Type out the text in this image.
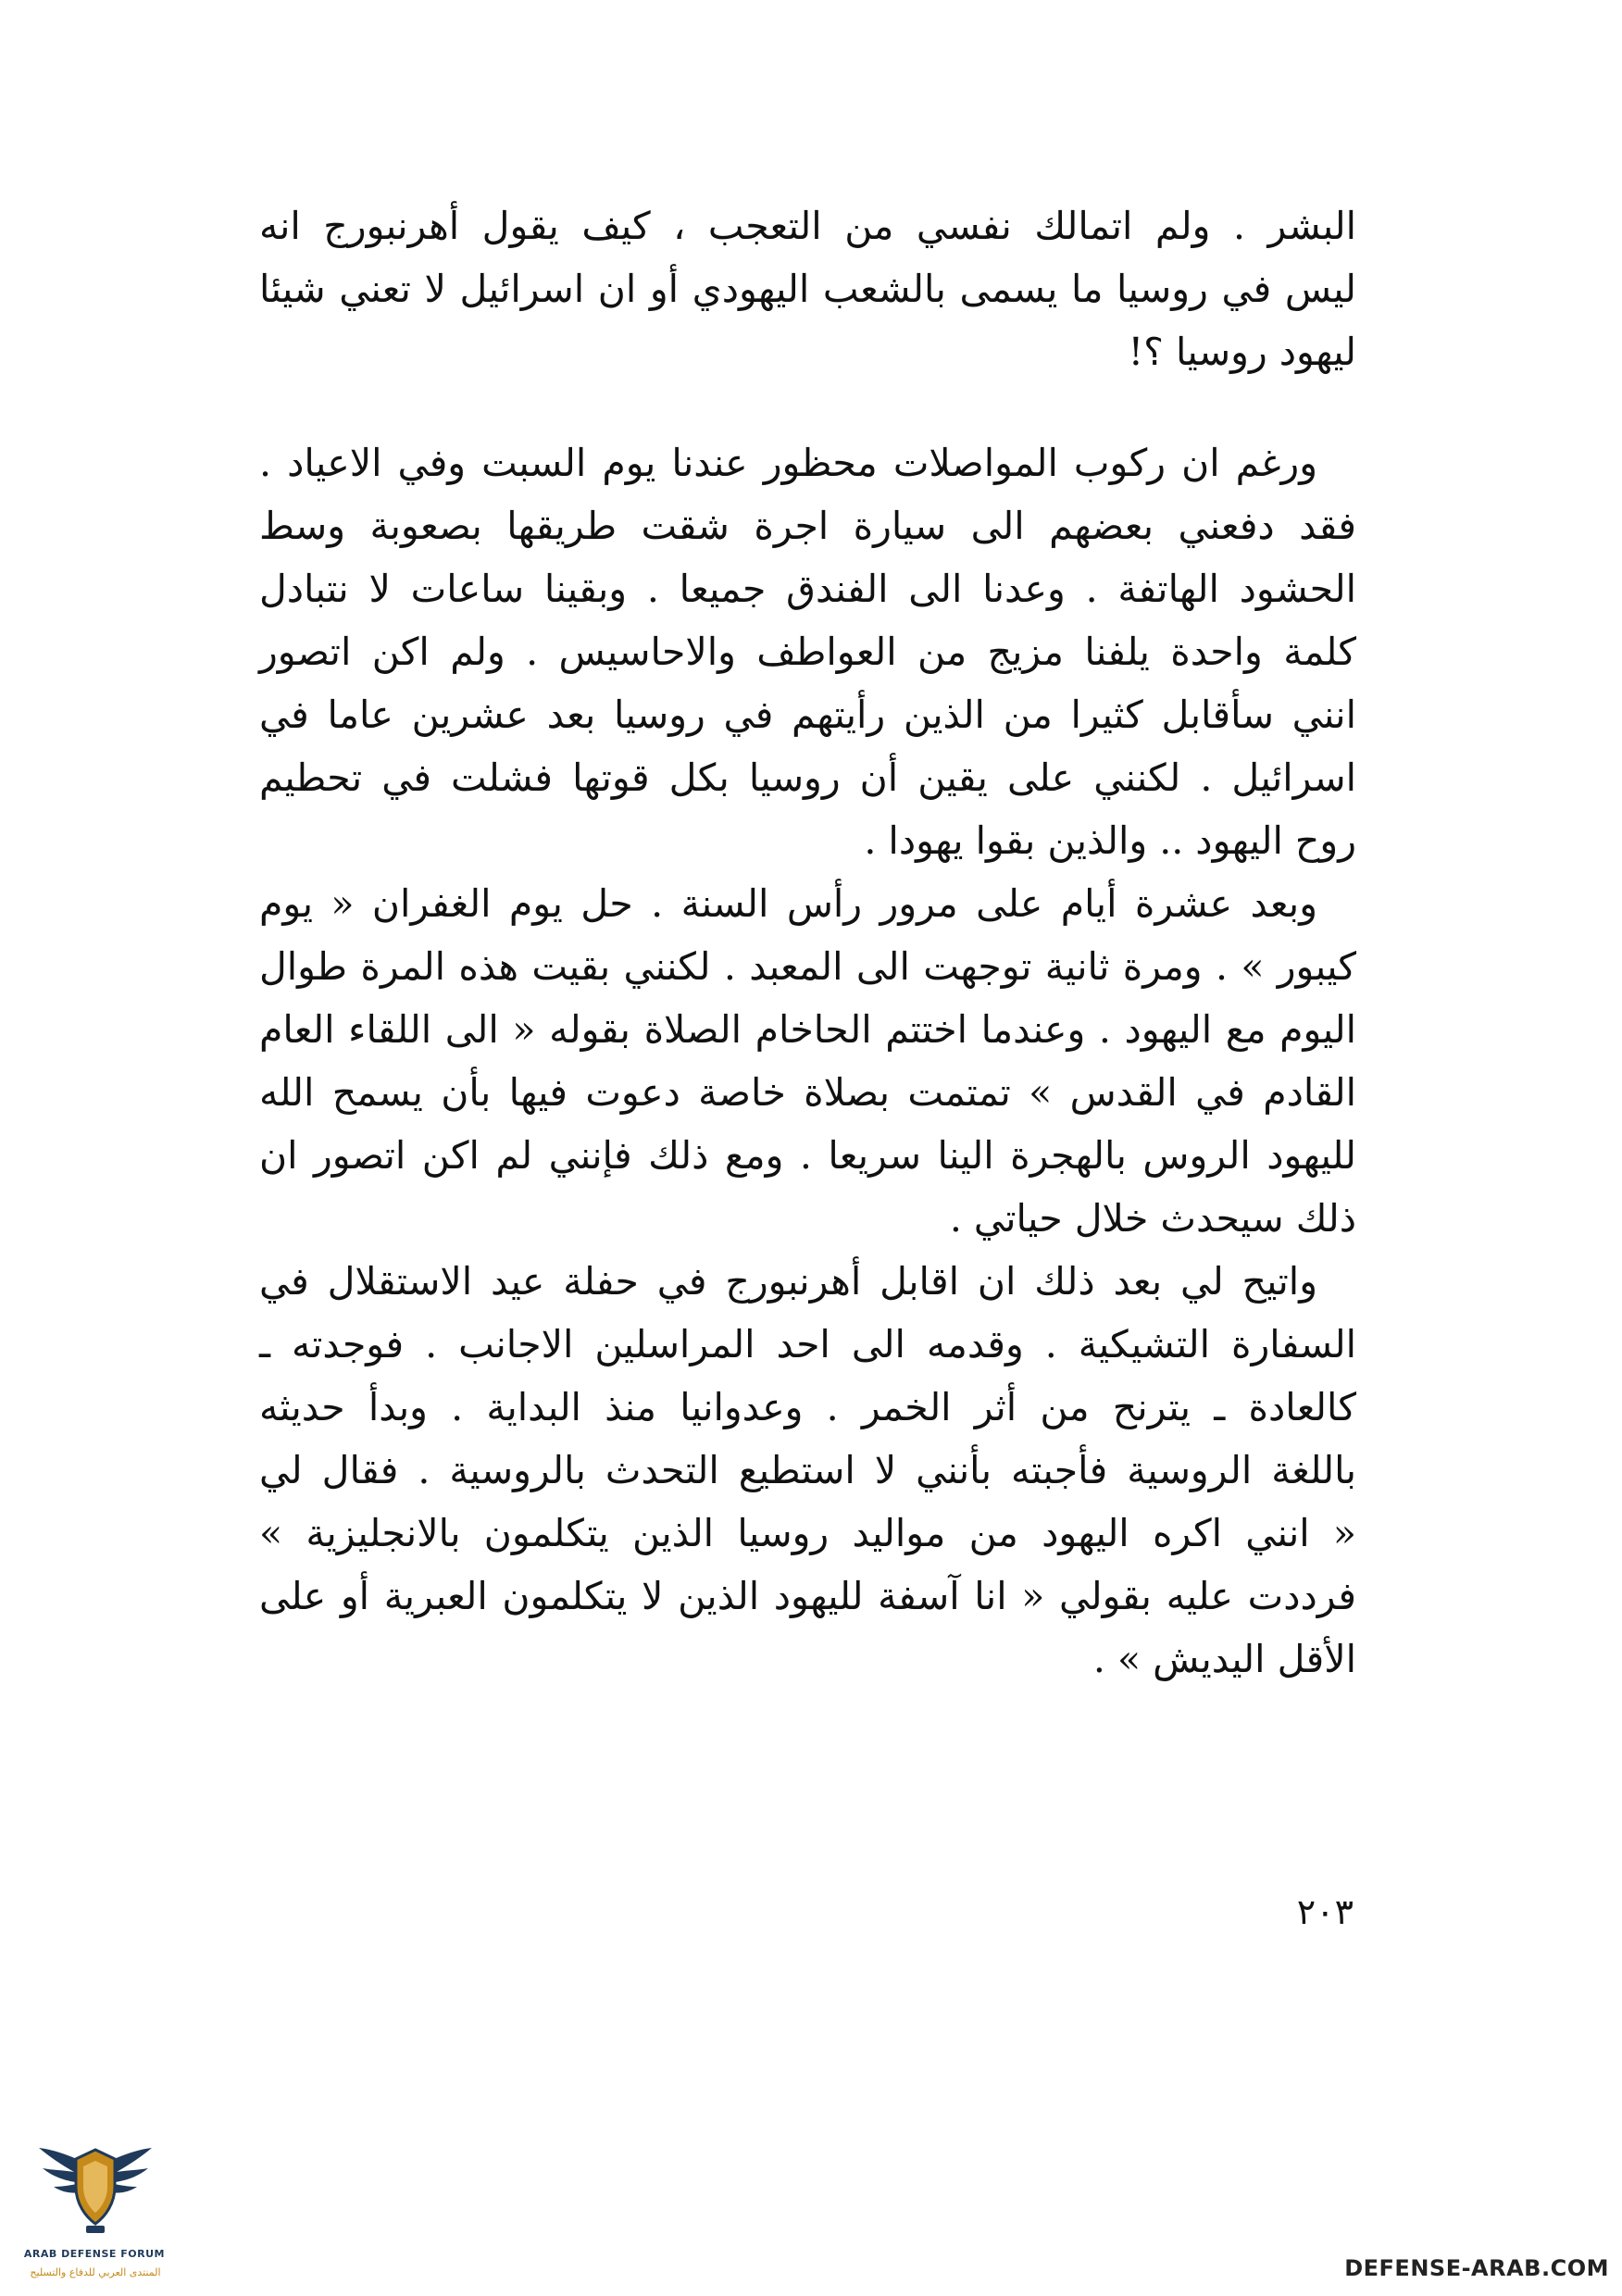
البشر . ولم اتمالك نفسي من التعجب ، كيف يقول أهرنبورج انه
ليس في روسيا ما يسمى بالشعب اليهودي أو ان اسرائيل لا تعني شيئا
ليهود روسيا ؟!
ورغم ان ركوب المواصلات محظور عندنا يوم السبت وفي الاعياد .
فقد دفعني بعضهم الى سيارة اجرة شقت طريقها بصعوبة وسط
الحشود الهاتفة . وعدنا الى الفندق جميعا . وبقينا ساعات لا نتبادل
كلمة واحدة يلفنا مزيج من العواطف والاحاسيس . ولم اكن اتصور
انني سأقابل كثيرا من الذين رأيتهم في روسيا بعد عشرين عاما في
اسرائيل . لكنني على يقين أن روسيا بكل قوتها فشلت في تحطيم
روح اليهود .. والذين بقوا يهودا .
وبعد عشرة أيام على مرور رأس السنة . حل يوم الغفران « يوم
كيبور » . ومرة ثانية توجهت الى المعبد . لكنني بقيت هذه المرة طوال
اليوم مع اليهود . وعندما اختتم الحاخام الصلاة بقوله « الى اللقاء العام
القادم في القدس » تمتمت بصلاة خاصة دعوت فيها بأن يسمح الله
لليهود الروس بالهجرة الينا سريعا . ومع ذلك فإنني لم اكن اتصور ان
ذلك سيحدث خلال حياتي .
واتيح لي بعد ذلك ان اقابل أهرنبورج في حفلة عيد الاستقلال في
السفارة التشيكية . وقدمه الى احد المراسلين الاجانب . فوجدته ـ
كالعادة ـ يترنح من أثر الخمر . وعدوانيا منذ البداية . وبدأ حديثه
باللغة الروسية فأجبته بأنني لا استطيع التحدث بالروسية . فقال لي
« انني اكره اليهود من مواليد روسيا الذين يتكلمون بالانجليزية »
فرددت عليه بقولي « انا آسفة لليهود الذين لا يتكلمون العبرية أو على
الأقل اليديش » .
٢٠٣
ARAB DEFENSE FORUM
المنتدى العربي للدفاع والتسليح	DEFENSE-ARAB.COM
